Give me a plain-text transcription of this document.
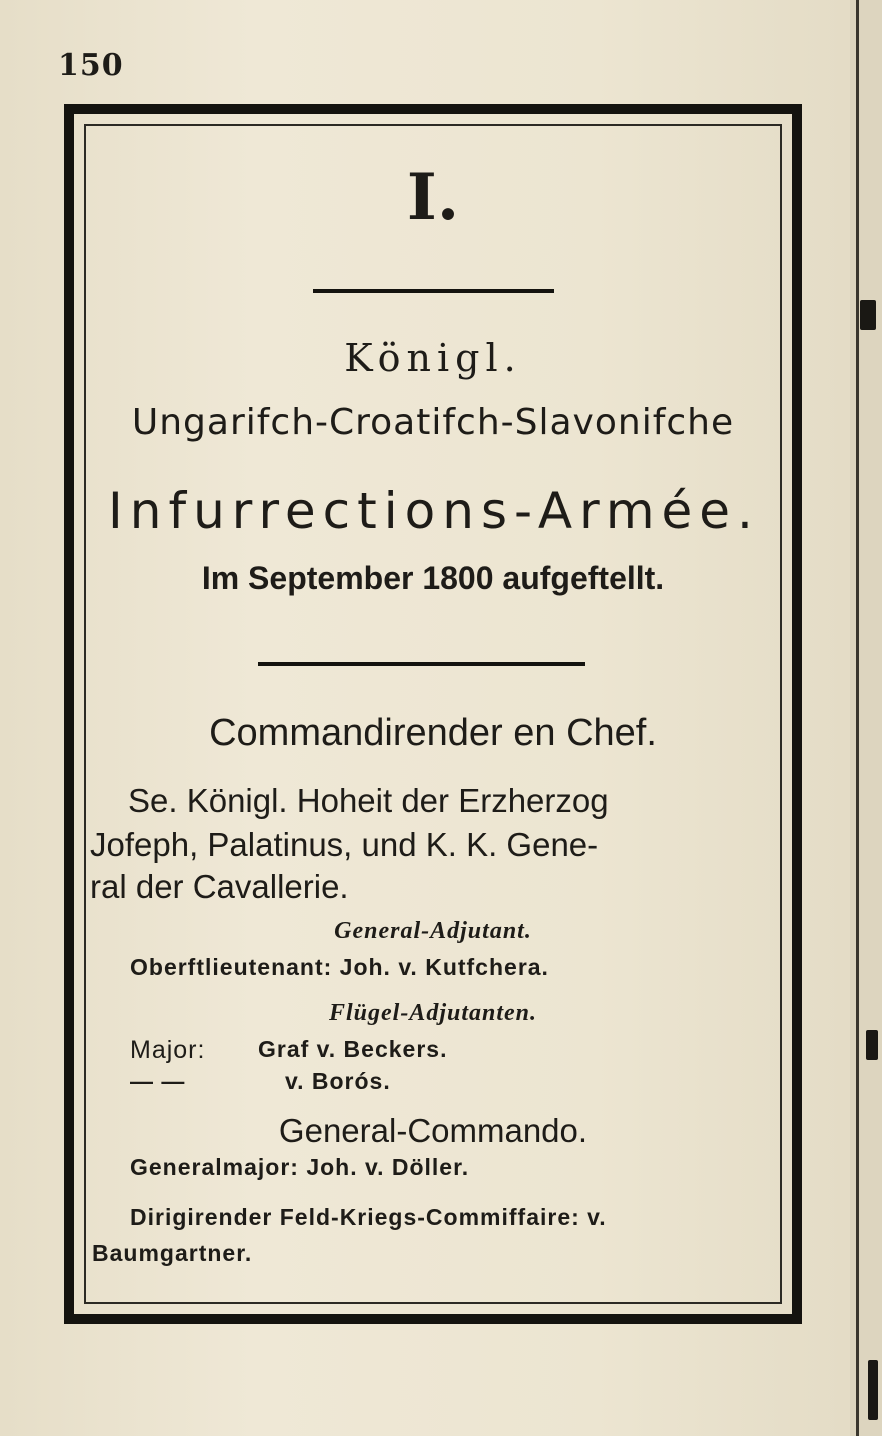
150
I.
Königl.
Ungarifch-Croatifch-Slavonifche
Infurrections-Armée.
Im September 1800 aufgeftellt.
Commandirender en Chef.
Se. Königl. Hoheit der Erzherzog
Jofeph, Palatinus, und K. K. Gene-
ral der Cavallerie.
General-Adjutant.
Oberftlieutenant: Joh. v. Kutfchera.
Flügel-Adjutanten.
Major: Graf v. Beckers.
— —	v. Borós.
General-Commando.
Generalmajor: Joh. v. Döller.
Dirigirender Feld-Kriegs-Commiffaire: v.
Baumgartner.
